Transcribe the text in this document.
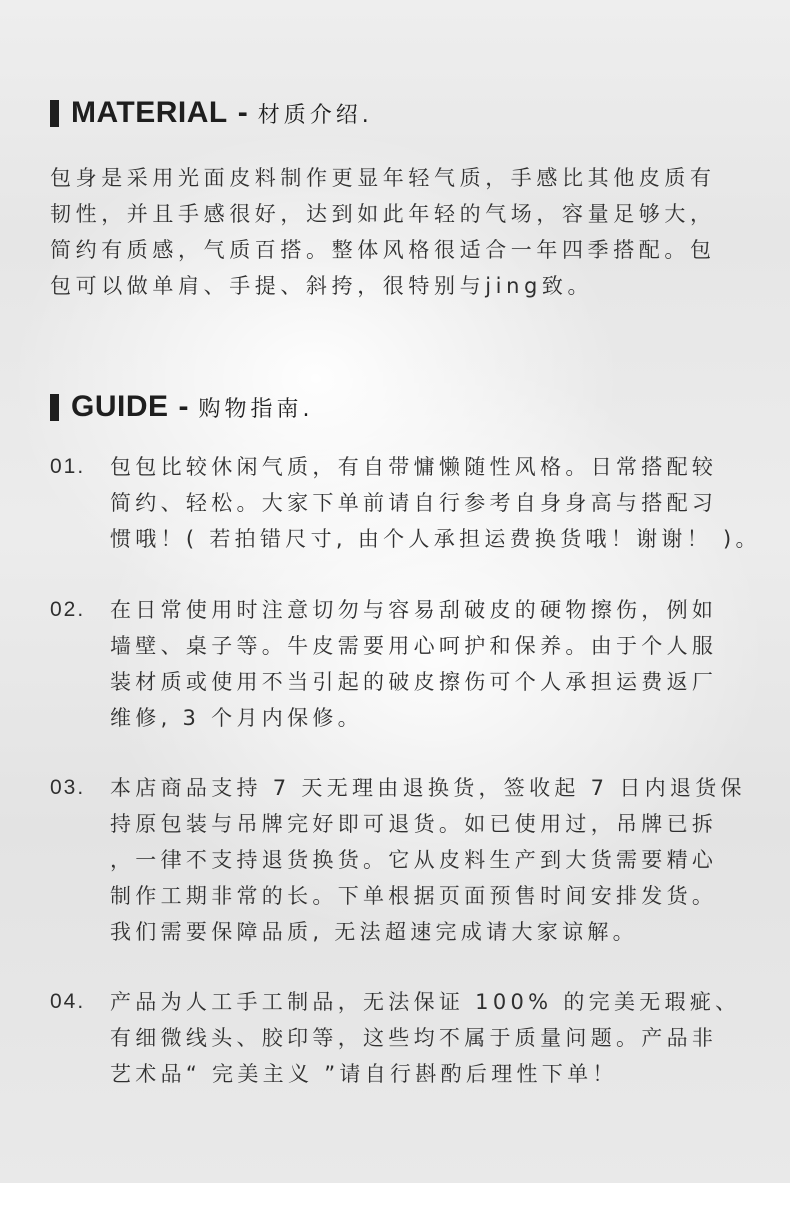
MATERIAL - 材质介绍.
包身是采用光面皮料制作更显年轻气质，手感比其他皮质有
韧性，并且手感很好，达到如此年轻的气场，容量足够大，
简约有质感，气质百搭。整体风格很适合一年四季搭配。包
包可以做单肩、手提、斜挎，很特别与jing致。
GUIDE - 购物指南.
01. 包包比较休闲气质，有自带慵懒随性风格。日常搭配较
简约、轻松。大家下单前请自行参考自身身高与搭配习
惯哦！( 若拍错尺寸, 由个人承担运费换货哦！谢谢！ )。
02. 在日常使用时注意切勿与容易刮破皮的硬物擦伤，例如
墙壁、桌子等。牛皮需要用心呵护和保养。由于个人服
装材质或使用不当引起的破皮擦伤可个人承担运费返厂
维修, 3 个月内保修。
03. 本店商品支持 7 天无理由退换货，签收起 7 日内退货保
持原包装与吊牌完好即可退货。如已使用过，吊牌已拆
，一律不支持退货换货。它从皮料生产到大货需要精心
制作工期非常的长。下单根据页面预售时间安排发货。
我们需要保障品质, 无法超速完成请大家谅解。
04. 产品为人工手工制品，无法保证 100% 的完美无瑕疵、
有细微线头、胶印等，这些均不属于质量问题。产品非
艺术品“ 完美主义 ”请自行斟酌后理性下单！
